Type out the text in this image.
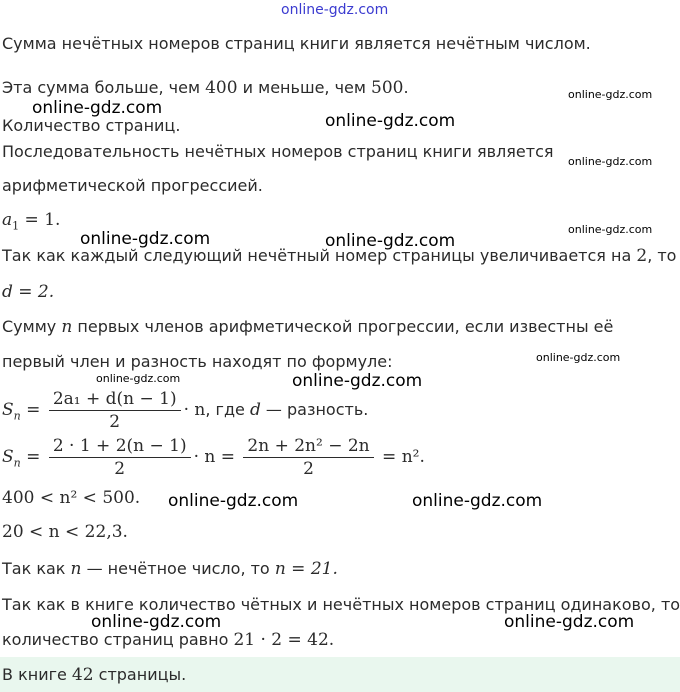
online-gdz.com
Сумма нечётных номеров страниц книги является нечётным числом.
Эта сумма больше, чем 400 и меньше, чем 500.
Количество страниц.
Последовательность нечётных номеров страниц книги является
арифметической прогрессией.
$a_1 = 1$.
Так как каждый следующий нечётный номер страницы увеличивается на 2, то
d = 2.
Сумму n первых членов арифметической прогрессии, если известны её
первый член и разность находят по формуле:
$S_n = \frac{\text{2a₁ + d(n − 1)}}{2} \cdot n$, где d — разность.
$S_n = \frac{2 \cdot 1 + 2(n - 1)}{2} \cdot n = \frac{\text{2n + 2n² − 2n}}{2} = n^2$.
400 < n² < 500.
20 < n < 22,3.
Так как n — нечётное число, то n = 21.
Так как в книге количество чётных и нечётных номеров страниц одинаково, то
количество страниц равно 21 · 2 = 42.
В книге 42 страницы.
online-gdz.com
online-gdz.com
online-gdz.com
online-gdz.com
online-gdz.com
online-gdz.com	online-gdz.com
online-gdz.com
online-gdz.com	online-gdz.com
online-gdz.com	online-gdz.com
online-gdz.com	online-gdz.com
